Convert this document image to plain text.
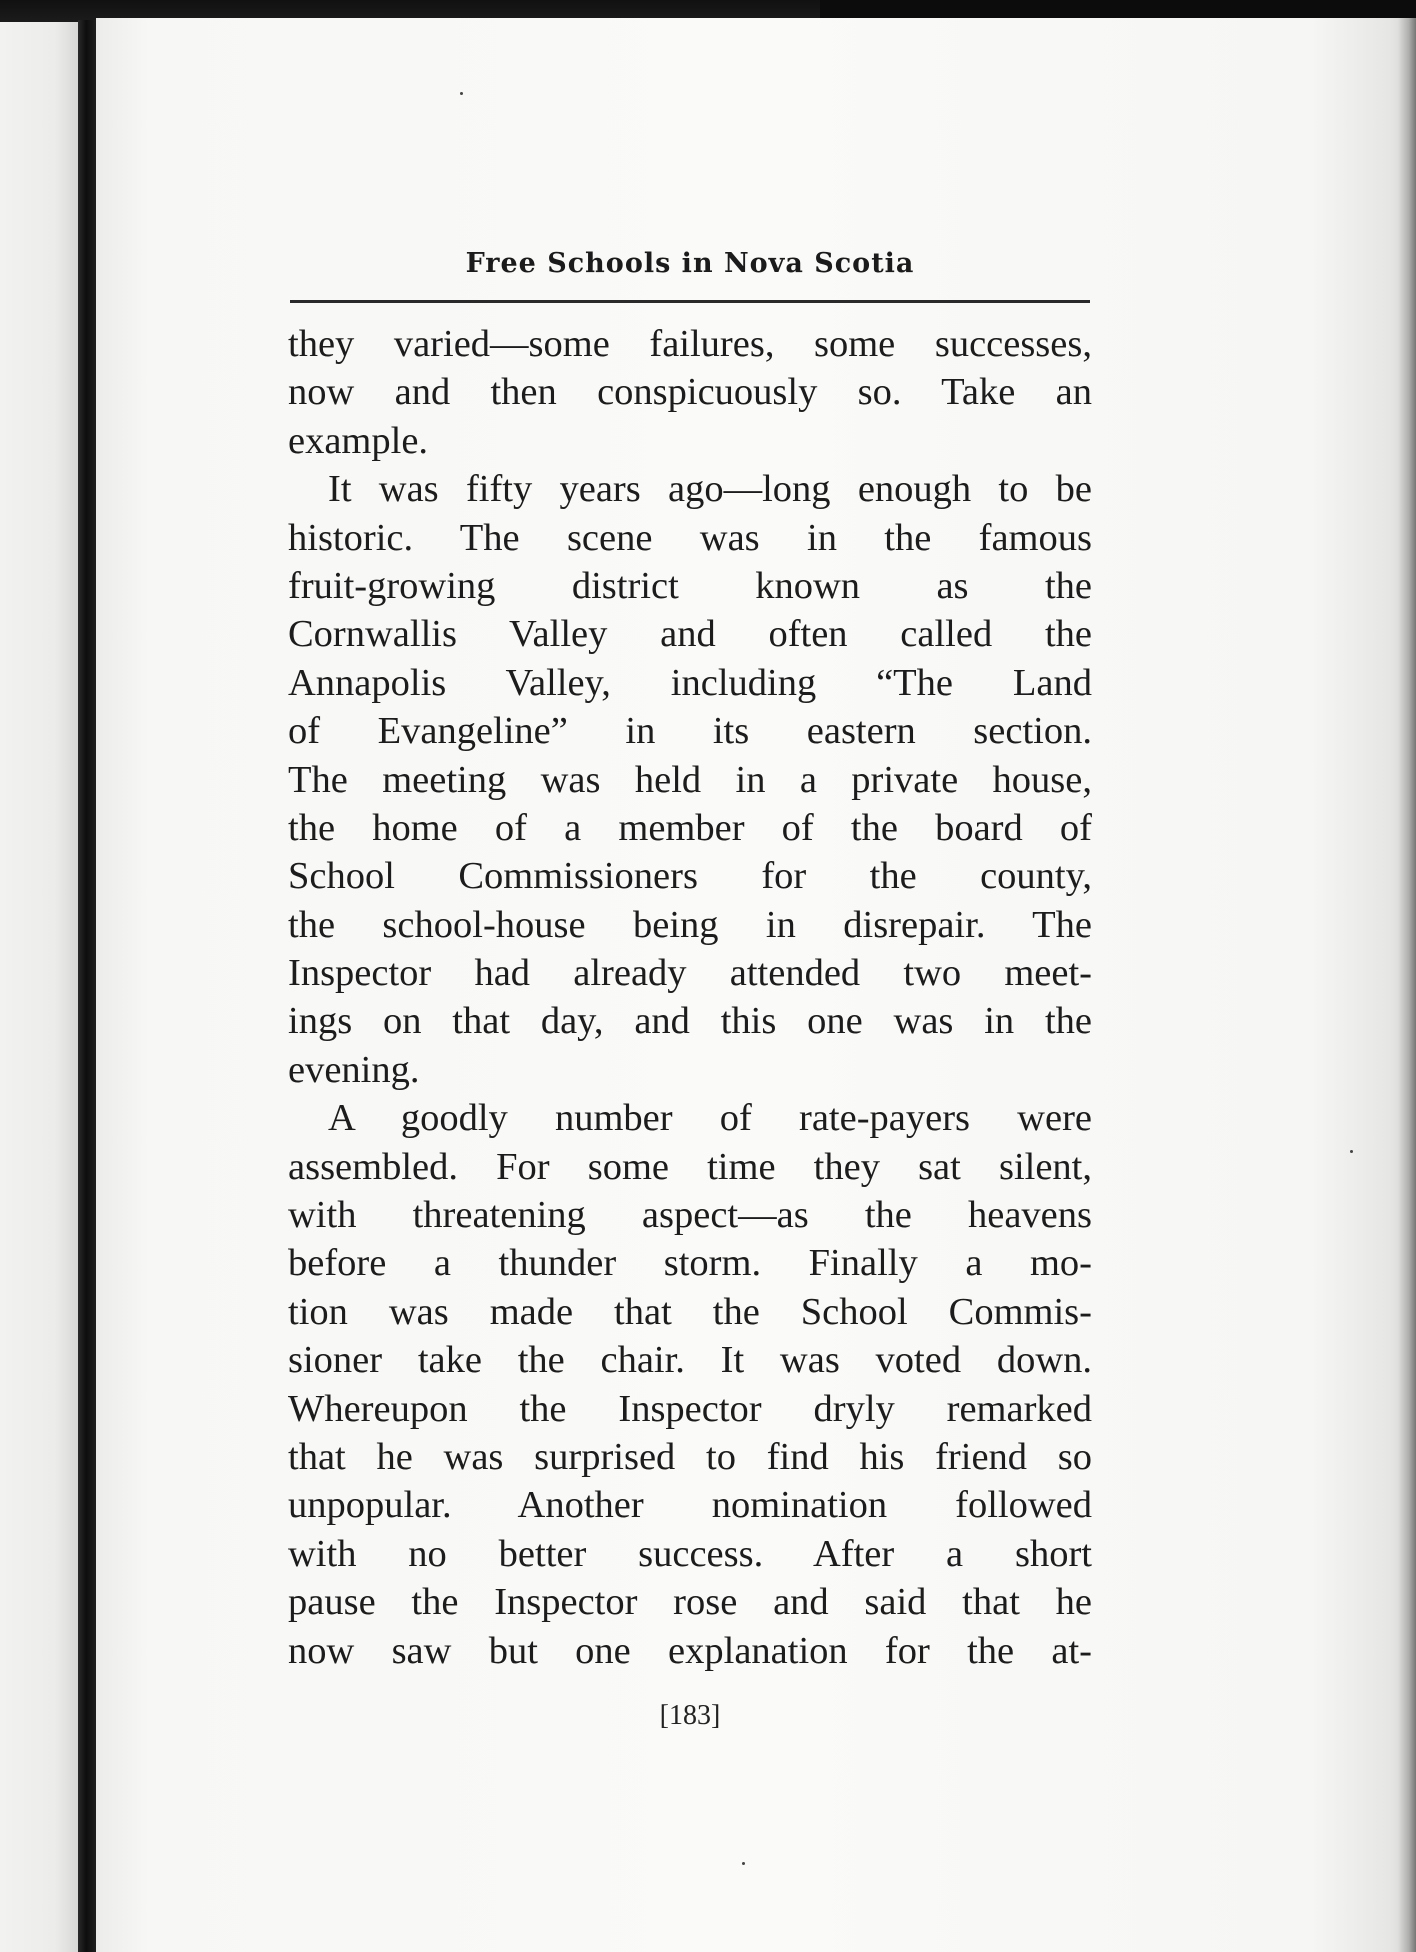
Free Schools in Nova Scotia
they varied—some failures, some successes,
now and then conspicuously so. Take an
example.
It was fifty years ago—long enough to be
historic. The scene was in the famous
fruit-growing district known as the
Cornwallis Valley and often called the
Annapolis Valley, including “The Land
of Evangeline” in its eastern section.
The meeting was held in a private house,
the home of a member of the board of
School Commissioners for the county,
the school-house being in disrepair. The
Inspector had already attended two meet-
ings on that day, and this one was in the
evening.
A goodly number of rate-payers were
assembled. For some time they sat silent,
with threatening aspect—as the heavens
before a thunder storm. Finally a mo-
tion was made that the School Commis-
sioner take the chair. It was voted down.
Whereupon the Inspector dryly remarked
that he was surprised to find his friend so
unpopular. Another nomination followed
with no better success. After a short
pause the Inspector rose and said that he
now saw but one explanation for the at-
[183]
